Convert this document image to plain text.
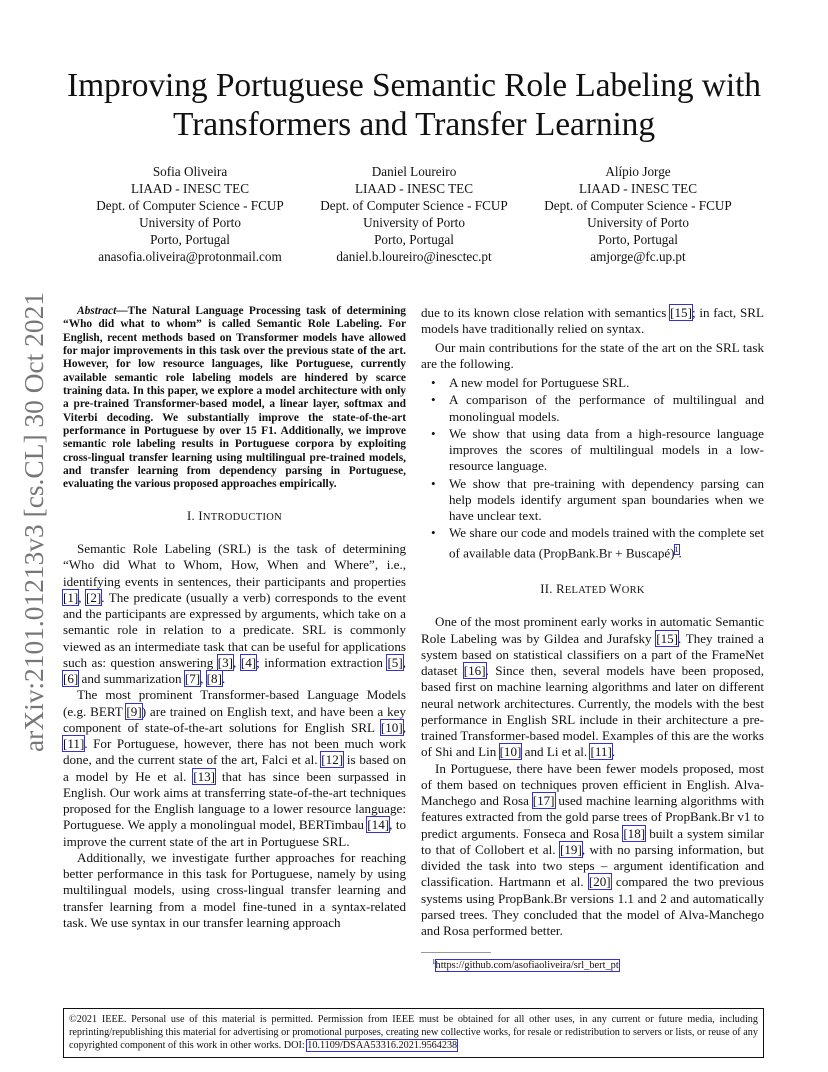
arXiv:2101.01213v3 [cs.CL] 30 Oct 2021
Improving Portuguese Semantic Role Labeling with
Transformers and Transfer Learning
Sofia Oliveira
LIAAD - INESC TEC
Dept. of Computer Science - FCUP
University of Porto
Porto, Portugal
anasofia.oliveira@protonmail.com
Daniel Loureiro
LIAAD - INESC TEC
Dept. of Computer Science - FCUP
University of Porto
Porto, Portugal
daniel.b.loureiro@inesctec.pt
Alípio Jorge
LIAAD - INESC TEC
Dept. of Computer Science - FCUP
University of Porto
Porto, Portugal
amjorge@fc.up.pt
Abstract—The Natural Language Processing task of determining “Who did what to whom” is called Semantic Role Labeling. For English, recent methods based on Transformer models have allowed for major improvements in this task over the previous state of the art. However, for low resource languages, like Portuguese, currently available semantic role labeling models are hindered by scarce training data. In this paper, we explore a model architecture with only a pre-trained Transformer-based model, a linear layer, softmax and Viterbi decoding. We substantially improve the state-of-the-art performance in Portuguese by over 15 F1. Additionally, we improve semantic role labeling results in Portuguese corpora by exploiting cross-lingual transfer learning using multilingual pre-trained models, and transfer learning from dependency parsing in Portuguese, evaluating the various proposed approaches empirically.
I. INTRODUCTION

Semantic Role Labeling (SRL) is the task of determining “Who did What to Whom, How, When and Where”, i.e., identifying events in sentences, their participants and properties [1], [2]. The predicate (usually a verb) corresponds to the event and the participants are expressed by arguments, which take on a semantic role in relation to a predicate. SRL is commonly viewed as an intermediate task that can be useful for applications such as: question answering [3], [4]; information extraction [5], [6] and summarization [7], [8].

The most prominent Transformer-based Language Models (e.g. BERT [9]) are trained on English text, and have been a key component of state-of-the-art solutions for English SRL [10], [11]. For Portuguese, however, there has not been much work done, and the current state of the art, Falci et al. [12] is based on a model by He et al. [13] that has since been surpassed in English. Our work aims at transferring state-of-the-art techniques proposed for the English language to a lower resource language: Portuguese. We apply a monolingual model, BERTimbau [14], to improve the current state of the art in Portuguese SRL.

Additionally, we investigate further approaches for reaching better performance in this task for Portuguese, namely by using multilingual models, using cross-lingual transfer learning and transfer learning from a model fine-tuned in a syntax-related task. We use syntax in our transfer learning approach

due to its known close relation with semantics [15]; in fact, SRL models have traditionally relied on syntax.

Our main contributions for the state of the art on the SRL task are the following.

• A new model for Portuguese SRL.
• A comparison of the performance of multilingual and monolingual models.
• We show that using data from a high-resource language improves the scores of multilingual models in a low-resource language.
• We show that pre-training with dependency parsing can help models identify argument span boundaries when we have unclear text.
• We share our code and models trained with the complete set of available data (PropBank.Br + Buscapé)$^1$.
II. RELATED WORK

One of the most prominent early works in automatic Semantic Role Labeling was by Gildea and Jurafsky [15]. They trained a system based on statistical classifiers on a part of the FrameNet dataset [16]. Since then, several models have been proposed, based first on machine learning algorithms and later on different neural network architectures. Currently, the models with the best performance in English SRL include in their architecture a pre-trained Transformer-based model. Examples of this are the works of Shi and Lin [10] and Li et al. [11].

In Portuguese, there have been fewer models proposed, most of them based on techniques proven efficient in English. Alva-Manchego and Rosa [17] used machine learning algorithms with features extracted from the gold parse trees of PropBank.Br v1 to predict arguments. Fonseca and Rosa [18] built a system similar to that of Collobert et al. [19], with no parsing information, but divided the task into two steps – argument identification and classification. Hartmann et al. [20] compared the two previous systems using PropBank.Br versions 1.1 and 2 and automatically parsed trees. They concluded that the model of Alva-Manchego and Rosa performed better.

$^1$https://github.com/asofiaoliveira/srl_bert_pt
©2021 IEEE. Personal use of this material is permitted. Permission from IEEE must be obtained for all other uses, in any current or future media, including reprinting/republishing this material for advertising or promotional purposes, creating new collective works, for resale or redistribution to servers or lists, or reuse of any copyrighted component of this work in other works. DOI: 10.1109/DSAA53316.2021.9564238
